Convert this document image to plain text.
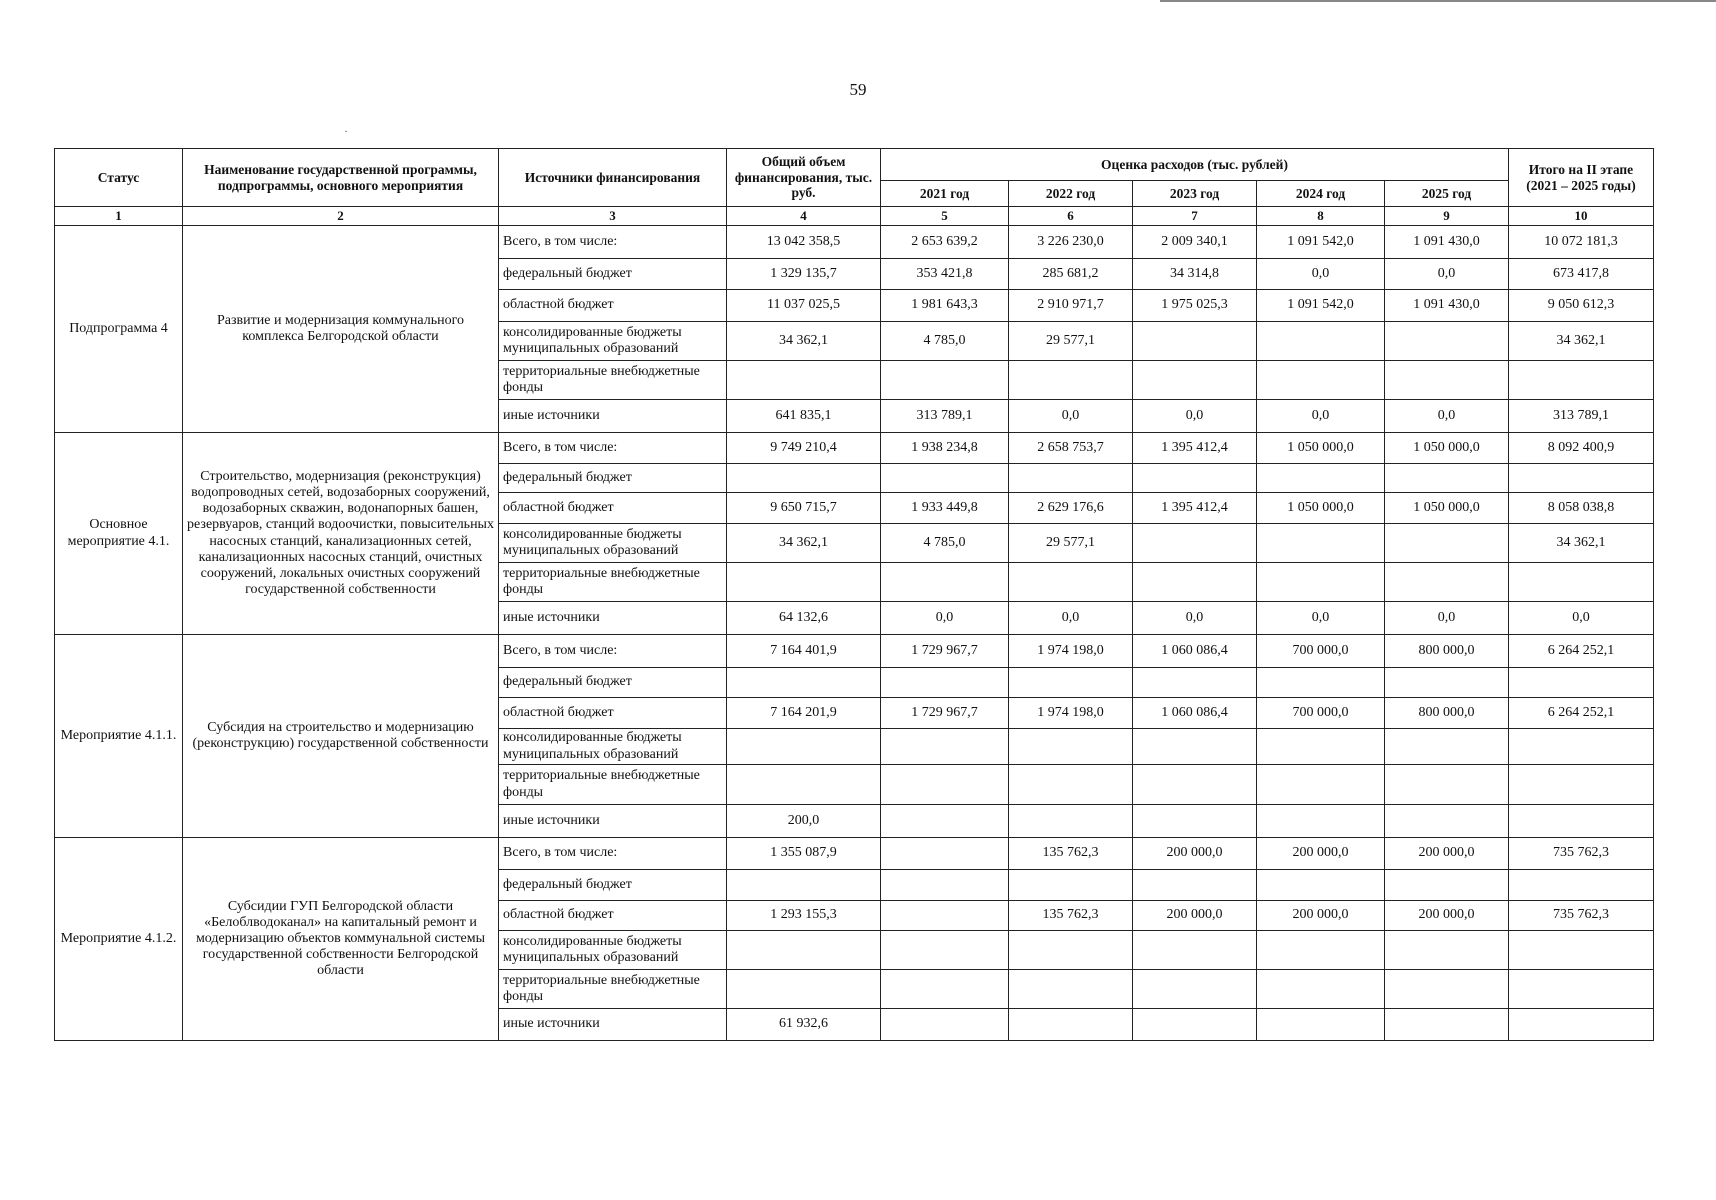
59
·
Статус	Наименование государственной программы, подпрограммы, основного мероприятия	Источники финансирования	Общий объем финансирования, тыс. руб.	Оценка расходов (тыс. рублей)					Итого на II этапе (2021 – 2025 годы)
				2021 год	2022 год	2023 год	2024 год	2025 год	
1	2	3	4	5	6	7	8	9	10
Подпрограмма 4	Развитие и модернизация коммунального комплекса Белгородской области	Всего, в том числе:	13 042 358,5	2 653 639,2	3 226 230,0	2 009 340,1	1 091 542,0	1 091 430,0	10 072 181,3
		федеральный бюджет	1 329 135,7	353 421,8	285 681,2	34 314,8	0,0	0,0	673 417,8
		областной бюджет	11 037 025,5	1 981 643,3	2 910 971,7	1 975 025,3	1 091 542,0	1 091 430,0	9 050 612,3
		консолидированные бюджеты муниципальных образований	34 362,1	4 785,0	29 577,1				34 362,1
		территориальные внебюджетные фонды							
		иные источники	641 835,1	313 789,1	0,0	0,0	0,0	0,0	313 789,1
Основное мероприятие 4.1.	Строительство, модернизация (реконструкция) водопроводных сетей, водозаборных сооружений, водозаборных скважин, водонапорных башен, резервуаров, станций водоочистки, повысительных насосных станций, канализационных сетей, канализационных насосных станций, очистных сооружений, локальных очистных сооружений государственной собственности	Всего, в том числе:	9 749 210,4	1 938 234,8	2 658 753,7	1 395 412,4	1 050 000,0	1 050 000,0	8 092 400,9
		федеральный бюджет							
		областной бюджет	9 650 715,7	1 933 449,8	2 629 176,6	1 395 412,4	1 050 000,0	1 050 000,0	8 058 038,8
		консолидированные бюджеты муниципальных образований	34 362,1	4 785,0	29 577,1				34 362,1
		территориальные внебюджетные фонды							
		иные источники	64 132,6	0,0	0,0	0,0	0,0	0,0	0,0
Мероприятие 4.1.1.	Субсидия на строительство и модернизацию (реконструкцию) государственной собственности	Всего, в том числе:	7 164 401,9	1 729 967,7	1 974 198,0	1 060 086,4	700 000,0	800 000,0	6 264 252,1
		федеральный бюджет							
		областной бюджет	7 164 201,9	1 729 967,7	1 974 198,0	1 060 086,4	700 000,0	800 000,0	6 264 252,1
		консолидированные бюджеты муниципальных образований							
		территориальные внебюджетные фонды							
		иные источники	200,0						
Мероприятие 4.1.2.	Субсидии ГУП Белгородской области «Белоблводоканал» на капитальный ремонт и модернизацию объектов коммунальной системы государственной собственности Белгородской области	Всего, в том числе:	1 355 087,9		135 762,3	200 000,0	200 000,0	200 000,0	735 762,3
		федеральный бюджет							
		областной бюджет	1 293 155,3		135 762,3	200 000,0	200 000,0	200 000,0	735 762,3
		консолидированные бюджеты муниципальных образований							
		территориальные внебюджетные фонды							
		иные источники	61 932,6						
